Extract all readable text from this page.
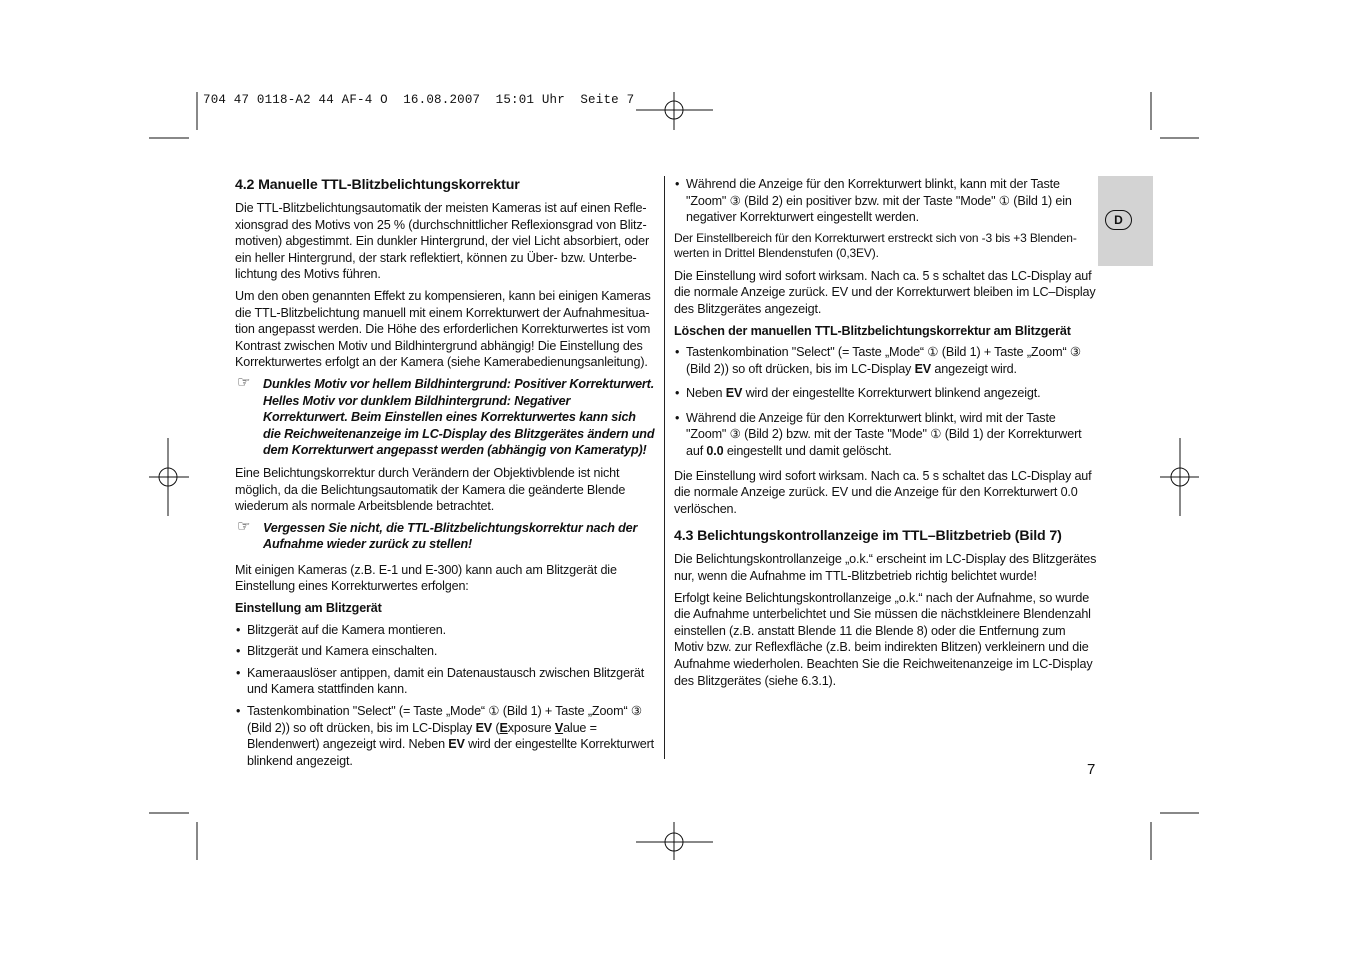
704 47 0118-A2 44 AF-4 O  16.08.2007  15:01 Uhr  Seite 7
D
4.2 Manuelle TTL-Blitzbelichtungskorrektur

Die TTL-Blitzbelichtungsautomatik der meisten Kameras ist auf einen Reflexionsgrad des Motivs von 25 % (durchschnittlicher Reflexionsgrad von Blitzmotiven) abgestimmt. Ein dunkler Hintergrund, der viel Licht absorbiert, oder ein heller Hintergrund, der stark reflektiert, können zu Über- bzw. Unterbelichtung des Motivs führen.

Um den oben genannten Effekt zu kompensieren, kann bei einigen Kameras die TTL-Blitzbelichtung manuell mit einem Korrekturwert der Aufnahmesituation angepasst werden. Die Höhe des erforderlichen Korrekturwertes ist vom Kontrast zwischen Motiv und Bildhintergrund abhängig! Die Einstellung des Korrekturwertes erfolgt an der Kamera (siehe Kamerabedienungsanleitung).

☞ Dunkles Motiv vor hellem Bildhintergrund: Positiver Korrekturwert. Helles Motiv vor dunklem Bildhintergrund: Negativer Korrekturwert. Beim Einstellen eines Korrekturwertes kann sich die Reichweitenanzeige im LC-Display des Blitzgerätes ändern und dem Korrekturwert angepasst werden (abhängig von Kameratyp)!

Eine Belichtungskorrektur durch Verändern der Objektivblende ist nicht möglich, da die Belichtungsautomatik der Kamera die geänderte Blende wiederum als normale Arbeitsblende betrachtet.

☞ Vergessen Sie nicht, die TTL-Blitzbelichtungskorrektur nach der Aufnahme wieder zurück zu stellen!

Mit einigen Kameras (z.B. E-1 und E-300) kann auch am Blitzgerät die Einstellung eines Korrekturwertes erfolgen:

Einstellung am Blitzgerät
• Blitzgerät auf die Kamera montieren.
• Blitzgerät und Kamera einschalten.
• Kameraauslöser antippen, damit ein Datenaustausch zwischen Blitzgerät und Kamera stattfinden kann.
• Tastenkombination "Select" (= Taste „Mode“ ① (Bild 1) + Taste „Zoom“ ③ (Bild 2)) so oft drücken, bis im LC-Display EV (Exposure Value = Blendenwert) angezeigt wird. Neben EV wird der eingestellte Korrekturwert blinkend angezeigt.
• Während die Anzeige für den Korrekturwert blinkt, kann mit der Taste "Zoom" ③ (Bild 2) ein positiver bzw. mit der Taste "Mode" ① (Bild 1) ein negativer Korrekturwert eingestellt werden.

Der Einstellbereich für den Korrekturwert erstreckt sich von -3 bis +3 Blendenwerten in Drittel Blendenstufen (0,3EV).

Die Einstellung wird sofort wirksam. Nach ca. 5 s schaltet das LC-Display auf die normale Anzeige zurück. EV und der Korrekturwert bleiben im LC–Display des Blitzgerätes angezeigt.

Löschen der manuellen TTL-Blitzbelichtungskorrektur am Blitzgerät
• Tastenkombination "Select" (= Taste „Mode“ ① (Bild 1) + Taste „Zoom“ ③ (Bild 2)) so oft drücken, bis im LC-Display EV angezeigt wird.
• Neben EV wird der eingestellte Korrekturwert blinkend angezeigt.
• Während die Anzeige für den Korrekturwert blinkt, wird mit der Taste "Zoom" ③ (Bild 2) bzw. mit der Taste "Mode" ① (Bild 1) der Korrekturwert auf 0.0 eingestellt und damit gelöscht.

Die Einstellung wird sofort wirksam. Nach ca. 5 s schaltet das LC-Display auf die normale Anzeige zurück. EV und die Anzeige für den Korrekturwert 0.0 verlöschen.

4.3 Belichtungskontrollanzeige im TTL–Blitzbetrieb (Bild 7)

Die Belichtungskontrollanzeige „o.k.“ erscheint im LC-Display des Blitzgerätes nur, wenn die Aufnahme im TTL-Blitzbetrieb richtig belichtet wurde!

Erfolgt keine Belichtungskontrollanzeige „o.k.“ nach der Aufnahme, so wurde die Aufnahme unterbelichtet und Sie müssen die nächstkleinere Blendenzahl einstellen (z.B. anstatt Blende 11 die Blende 8) oder die Entfernung zum Motiv bzw. zur Reflexfläche (z.B. beim indirekten Blitzen) verkleinern und die Aufnahme wiederholen. Beachten Sie die Reichweitenanzeige im LC-Display des Blitzgerätes (siehe 6.3.1).

7
